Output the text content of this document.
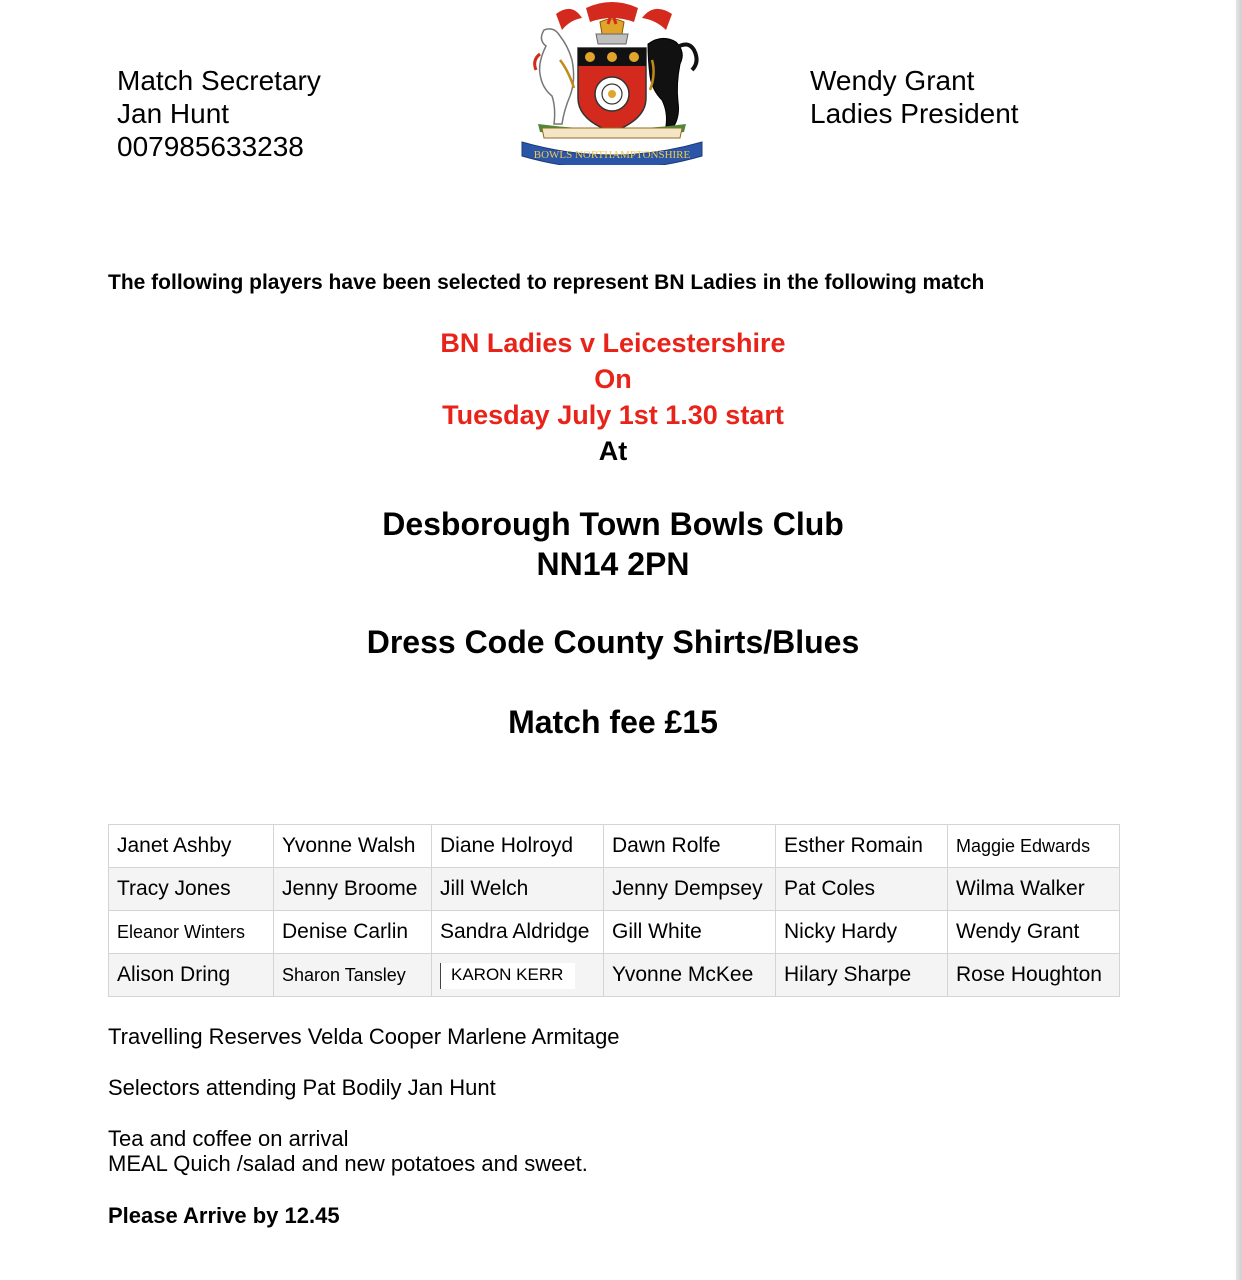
Match Secretary
Jan Hunt
007985633238	BOWLS NORTHAMPTONSHIRE
Wendy Grant
Ladies President
The following players have been selected to represent BN Ladies in the following match
BN Ladies v Leicestershire
On
Tuesday July 1st 1.30 start
At
Desborough Town Bowls Club
NN14 2PN
Dress Code County Shirts/Blues
Match fee £15
Janet Ashby	Yvonne Walsh	Diane Holroyd	Dawn Rolfe	Esther Romain	Maggie Edwards
Tracy Jones	Jenny Broome	Jill Welch	Jenny Dempsey	Pat Coles	Wilma Walker
Eleanor Winters	Denise Carlin	Sandra Aldridge	Gill White	Nicky Hardy	Wendy Grant
Alison Dring	Sharon Tansley	KARON KERR	Yvonne McKee	Hilary Sharpe	Rose Houghton
Travelling Reserves Velda Cooper Marlene Armitage
Selectors attending Pat Bodily Jan Hunt
Tea and coffee on arrival
MEAL Quich /salad and new potatoes and sweet.
Please Arrive by 12.45
